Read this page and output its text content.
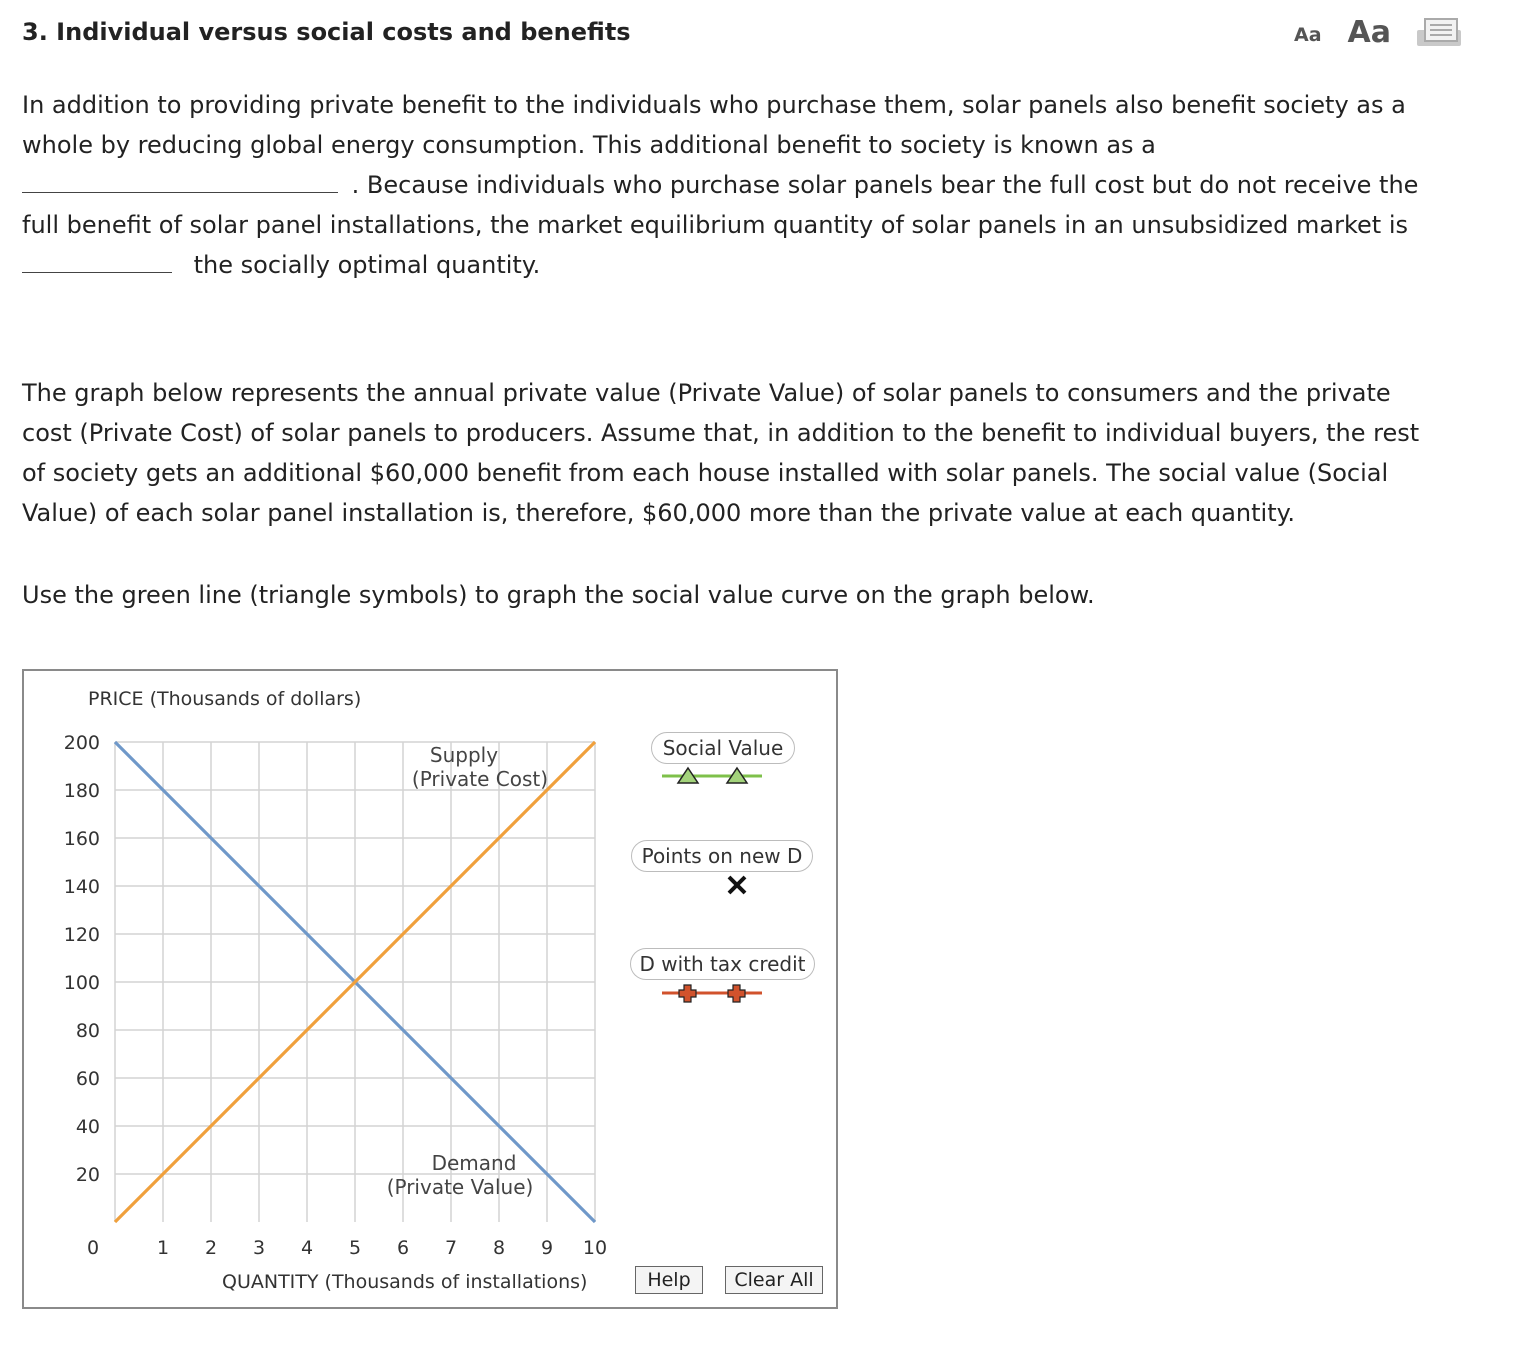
3. Individual versus social costs and benefits	Aa Aa
In addition to providing private benefit to the individuals who purchase them, solar panels also benefit society as a
whole by reducing global energy consumption. This additional benefit to society is known as a
. Because individuals who purchase solar panels bear the full cost but do not receive the
full benefit of solar panel installations, the market equilibrium quantity of solar panels in an unsubsidized market is
the socially optimal quantity.
The graph below represents the annual private value (Private Value) of solar panels to consumers and the private
cost (Private Cost) of solar panels to producers. Assume that, in addition to the benefit to individual buyers, the rest
of society gets an additional $60,000 benefit from each house installed with solar panels. The social value (Social
Value) of each solar panel installation is, therefore, $60,000 more than the private value at each quantity.
Use the green line (triangle symbols) to graph the social value curve on the graph below.
20
40
60
80
100
120
140
160
180
200
0	1 2 3 4 5 6 7 8 9 10
PRICE (Thousands of dollars)
QUANTITY (Thousands of installations)
Supply
(Private Cost)
Demand
(Private Value)
Social Value
Points on new D
D with tax credit
Help	Clear All
